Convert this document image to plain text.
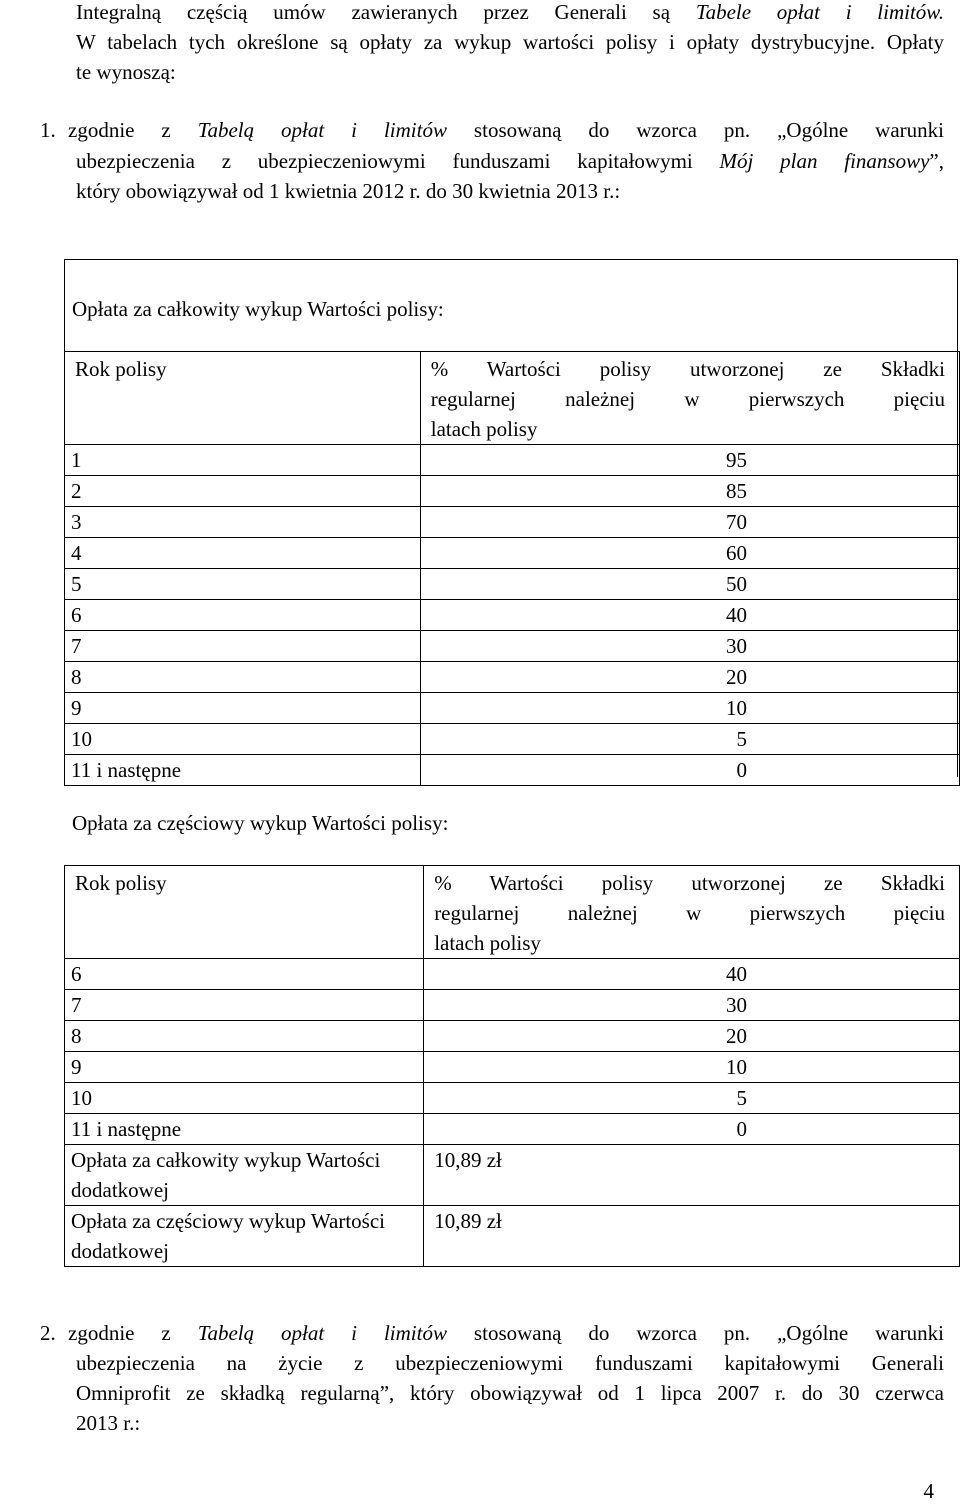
Integralną częścią umów zawieranych przez Generali są Tabele opłat i limitów.
W tabelach tych określone są opłaty za wykup wartości polisy i opłaty dystrybucyjne. Opłaty
te wynoszą:
1. zgodnie z Tabelą opłat i limitów stosowaną do wzorca pn. „Ogólne warunki
ubezpieczenia z ubezpieczeniowymi funduszami kapitałowymi Mój plan finansowy”,
który obowiązywał od 1 kwietnia 2012 r. do 30 kwietnia 2013 r.:
Opłata za całkowity wykup Wartości polisy:
Rok polisy	% Wartości polisy utworzonej ze Składki
regularnej należnej w pierwszych pięciu
latach polisy

1	95
2	85
3	70
4	60
5	50
6	40
7	30
8	20
9	10
10	5
11 i następne	0
Opłata za częściowy wykup Wartości polisy:
Rok polisy	% Wartości polisy utworzonej ze Składki
regularnej należnej w pierwszych pięciu
latach polisy

6	40
7	30
8	20
9	10
10	5
11 i następne	0

Opłata za całkowity wykup Wartości
dodatkowej	10,89 zł

Opłata za częściowy wykup Wartości
dodatkowej	10,89 zł
2. zgodnie z Tabelą opłat i limitów stosowaną do wzorca pn. „Ogólne warunki
ubezpieczenia na życie z ubezpieczeniowymi funduszami kapitałowymi Generali
Omniprofit ze składką regularną”, który obowiązywał od 1 lipca 2007 r. do 30 czerwca
2013 r.:
4
